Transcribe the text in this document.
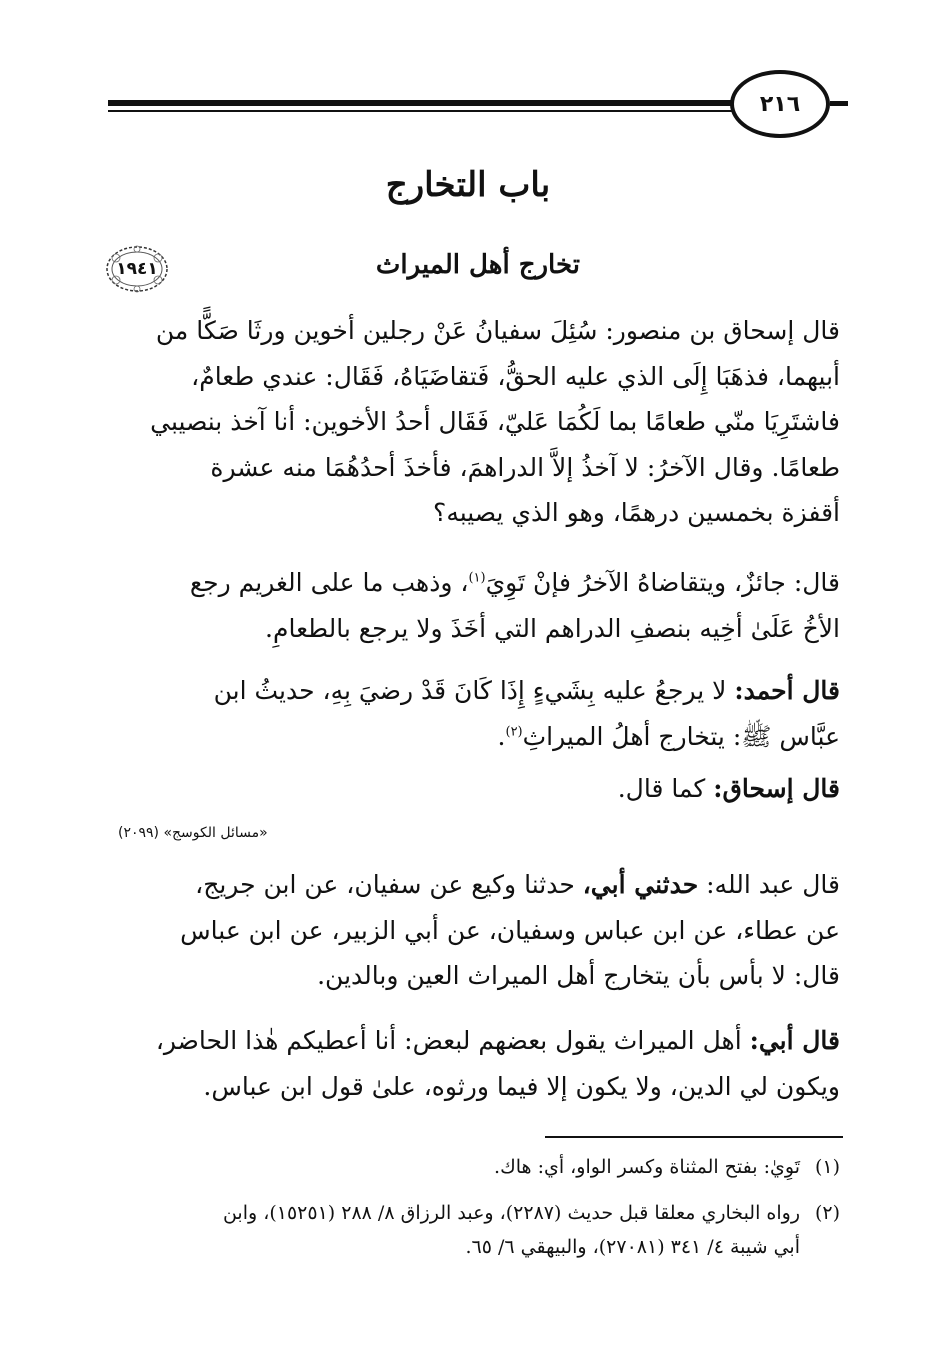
٢١٦
باب التخارج
١٩٤١	تخارج أهل الميراث
قال إسحاق بن منصور: سُئِلَ سفيانُ عَنْ رجلين أخوين ورثَا صَكًّا من
أبيهما، فذهَبَا إِلَى الذي عليه الحقُّ، فَتقاضَيَاهُ، فَقَال: عندي طعامٌ،
فاشتَرِيَا منّي طعامًا بما لَكُمَا عَليّ، فَقَال أحدُ الأخوين: أنا آخذ بنصيبي
طعامًا. وقال الآخرُ: لا آخذُ إلاَّ الدراهمَ، فأخذَ أحدُهُمَا منه عشرة
أقفزة بخمسين درهمًا، وهو الذي يصيبه؟
قال: جائزٌ، ويتقاضاهُ الآخرُ فإنْ تَوِيَ$^{(١)}$، وذهب ما على الغريم رجع
الأخُ عَلَىٰ أخِيه بنصفِ الدراهم التي أخَذَ ولا يرجع بالطعامِ.
قال أحمد: لا يرجعُ عليه بِشَيءٍ إِذَا كَانَ قَدْ رضيَ بِهِ، حديثُ ابن
عبَّاس ﷺ: يتخارج أهلُ الميراثِ$^{(٢)}$.
قال إسحاق: كما قال.
«مسائل الكوسج» (٢٠٩٩)
قال عبد الله: حدثني أبي، حدثنا وكيع عن سفيان، عن ابن جريج،
عن عطاء، عن ابن عباس وسفيان، عن أبي الزبير، عن ابن عباس
قال: لا بأس بأن يتخارج أهل الميراث العين وبالدين.
قال أبي: أهل الميراث يقول بعضهم لبعض: أنا أعطيكم هٰذا الحاضر،
ويكون لي الدين، ولا يكون إلا فيما ورثوه، علىٰ قول ابن عباس.
(١)
تَوِيٰ: بفتح المثناة وكسر الواو، أي: هاك.
(٢)
رواه البخاري معلقا قبل حديث (٢٢٨٧)، وعبد الرزاق ٨/ ٢٨٨ (١٥٢٥١)، وابن
أبي شيبة ٤/ ٣٤١ (٢٧٠٨١)، والبيهقي ٦/ ٦٥.
